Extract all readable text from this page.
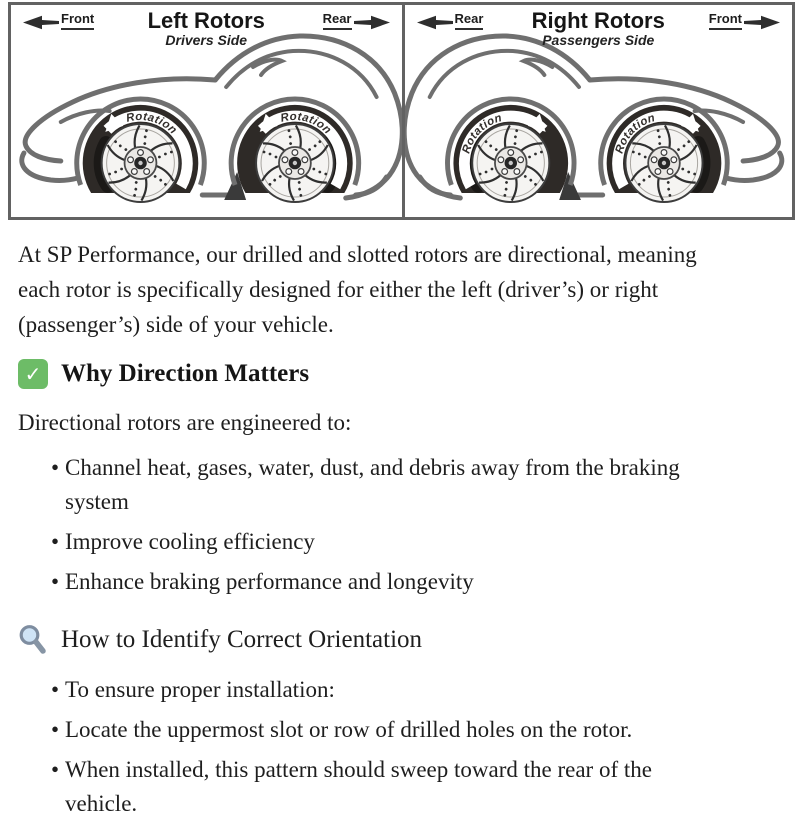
Front	Rear
Left Rotors
Drivers Side
Rotation
Rotation
Rear	Front
Right Rotors
Passengers Side
Rotation
Rotation

At SP Performance, our drilled and slotted rotors are directional, meaning each rotor is specifically designed for either the left (driver’s) or right (passenger’s) side of your vehicle.

✓ Why Direction Matters

Directional rotors are engineered to:

• Channel heat, gases, water, dust, and debris away from the braking system
• Improve cooling efficiency
• Enhance braking performance and longevity
How to Identify Correct Orientation
• To ensure proper installation:
• Locate the uppermost slot or row of drilled holes on the rotor.
• When installed, this pattern should sweep toward the rear of the vehicle.
